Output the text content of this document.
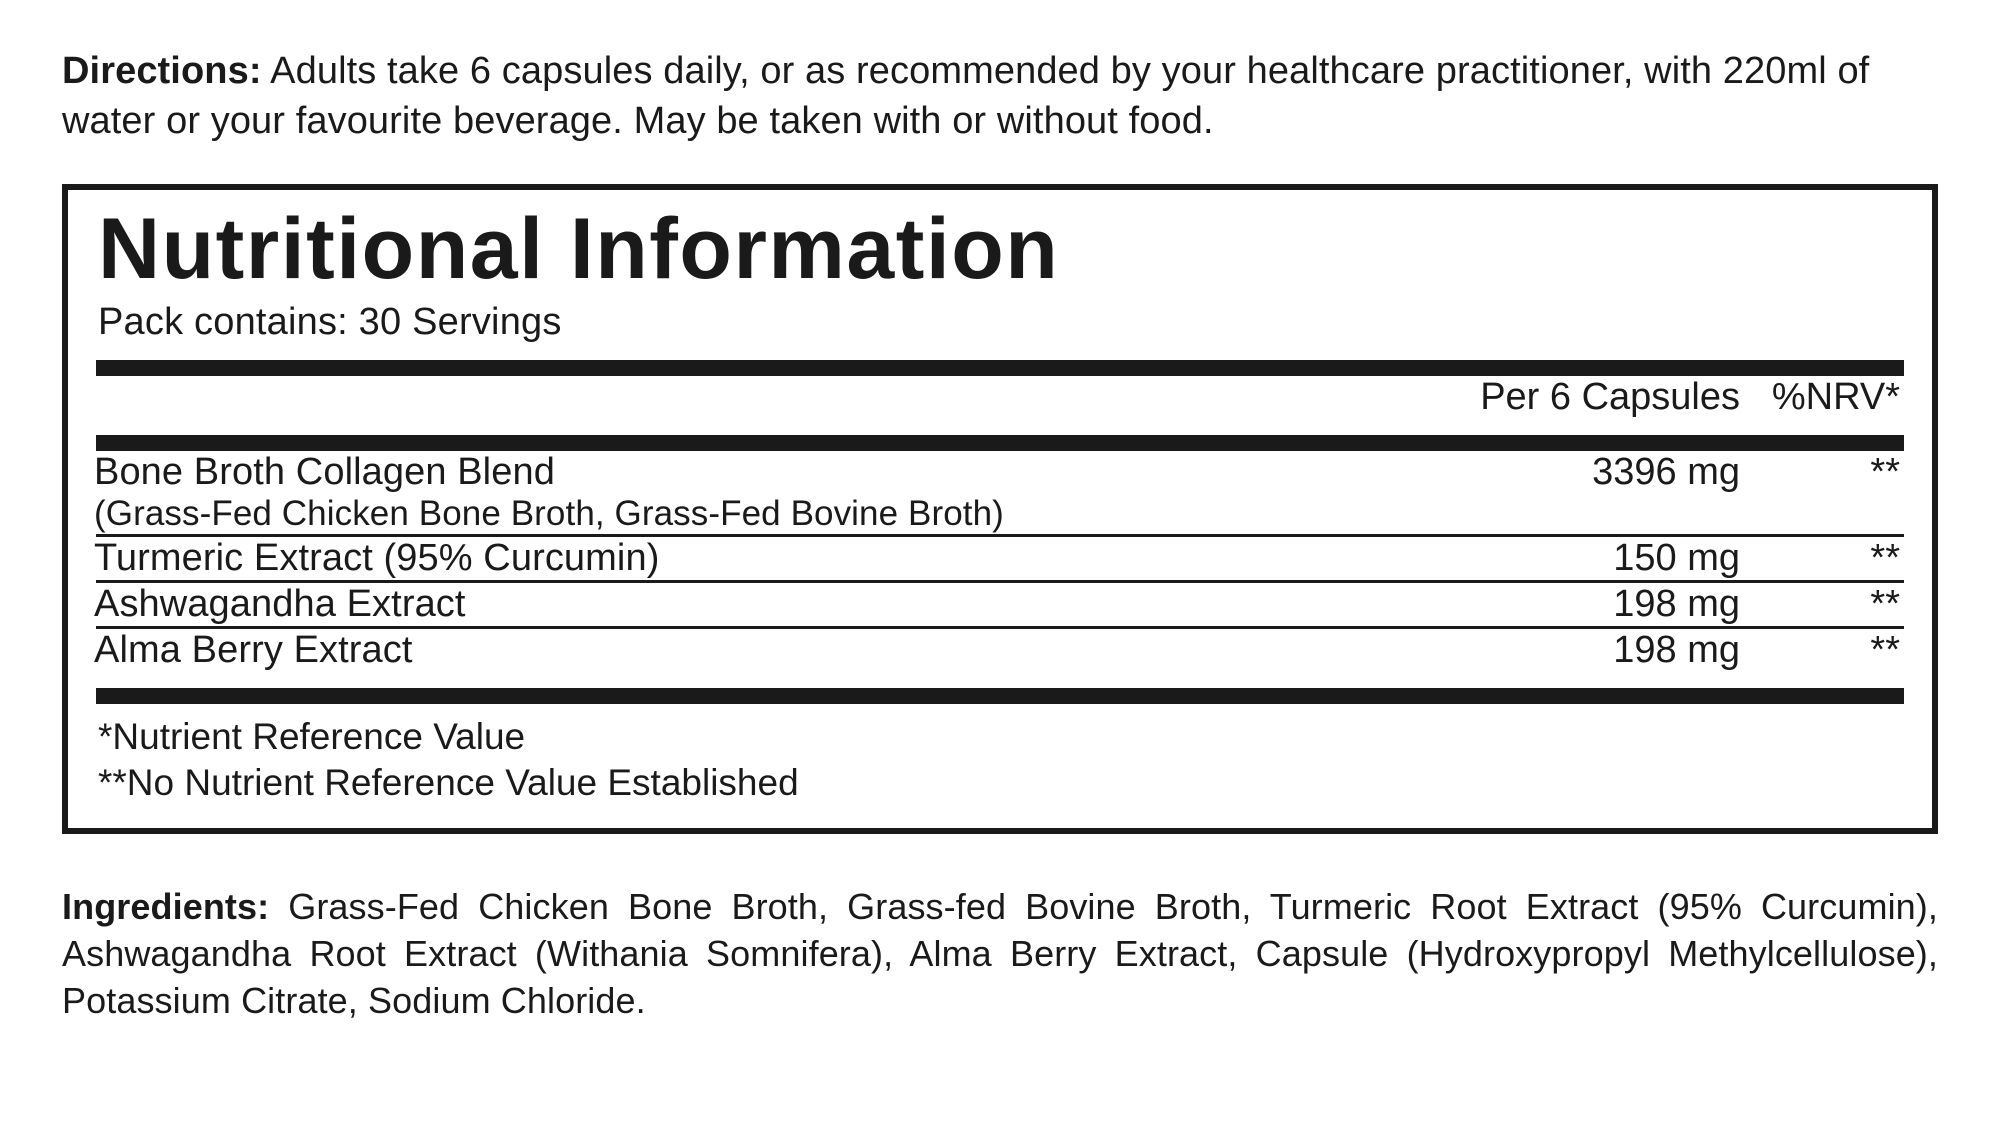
Directions: Adults take 6 capsules daily, or as recommended by your healthcare practitioner, with 220ml of water or your favourite beverage. May be taken with or without food.

Nutritional Information
Pack contains: 30 Servings
	Per 6 Capsules	%NRV*
Bone Broth Collagen Blend	3396 mg	**
(Grass-Fed Chicken Bone Broth, Grass-Fed Bovine Broth)
Turmeric Extract (95% Curcumin)	150 mg	**
Ashwagandha Extract	198 mg	**
Alma Berry Extract	198 mg	**
*Nutrient Reference Value
**No Nutrient Reference Value Established

Ingredients: Grass-Fed Chicken Bone Broth, Grass-fed Bovine Broth, Turmeric Root Extract (95% Curcumin), Ashwagandha Root Extract (Withania Somnifera), Alma Berry Extract, Capsule (Hydroxypropyl Methylcellulose), Potassium Citrate, Sodium Chloride.
